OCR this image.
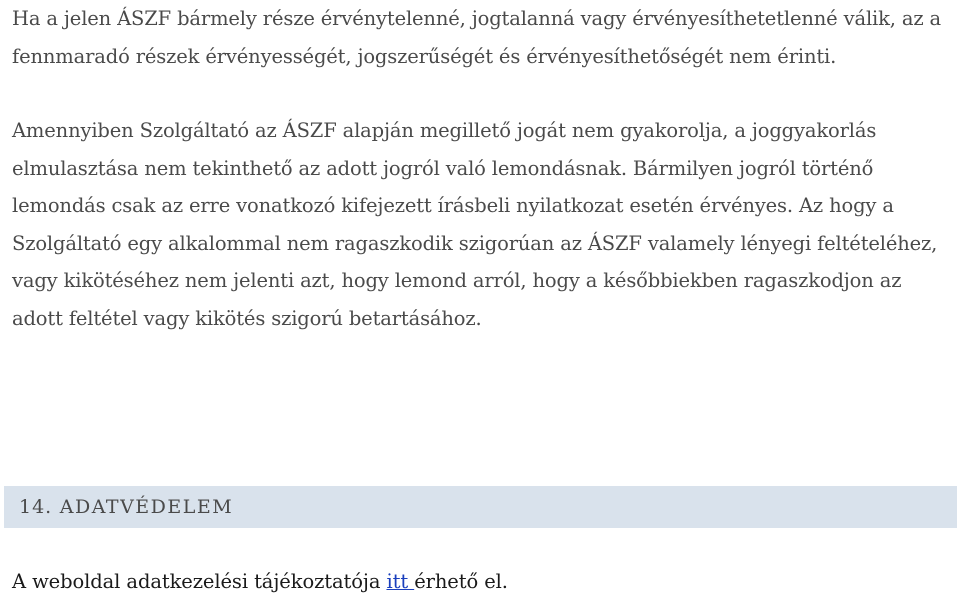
Ha a jelen ÁSZF bármely része érvénytelenné, jogtalanná vagy érvényesíthetetlenné válik, az a fennmaradó részek érvényességét, jogszerűségét és érvényesíthetőségét nem érinti.

Amennyiben Szolgáltató az ÁSZF alapján megillető jogát nem gyakorolja, a joggyakorlás elmulasztása nem tekinthető az adott jogról való lemondásnak. Bármilyen jogról történő lemondás csak az erre vonatkozó kifejezett írásbeli nyilatkozat esetén érvényes. Az hogy a Szolgáltató egy alkalommal nem ragaszkodik szigorúan az ÁSZF valamely lényegi feltételéhez, vagy kikötéséhez nem jelenti azt, hogy lemond arról, hogy a későbbiekben ragaszkodjon az adott feltétel vagy kikötés szigorú betartásához.

14. ADATVÉDELEM
A weboldal adatkezelési tájékoztatója itt érhető el.
